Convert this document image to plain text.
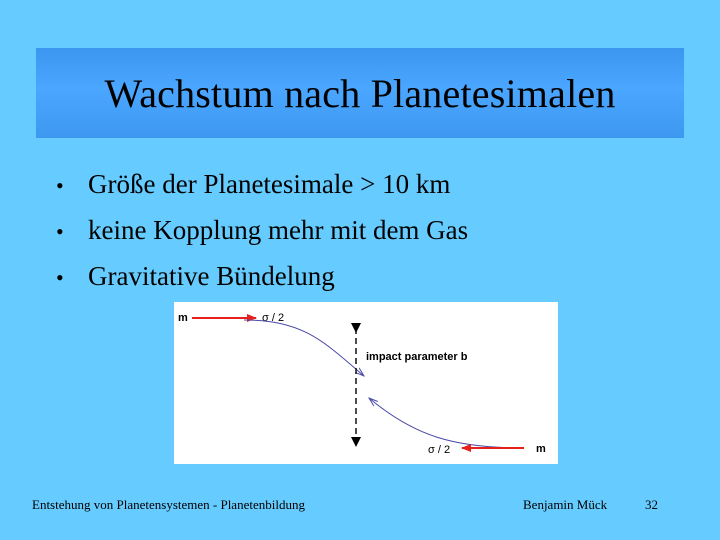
Wachstum nach Planetesimalen
• Größe der Planetesimale > 10 km
• keine Kopplung mehr mit dem Gas
• Gravitative Bündelung
m	σ / 2
impact parameter b
σ / 2	m
Entstehung von Planetensystemen - Planetenbildung	Benjamin Mück	32
